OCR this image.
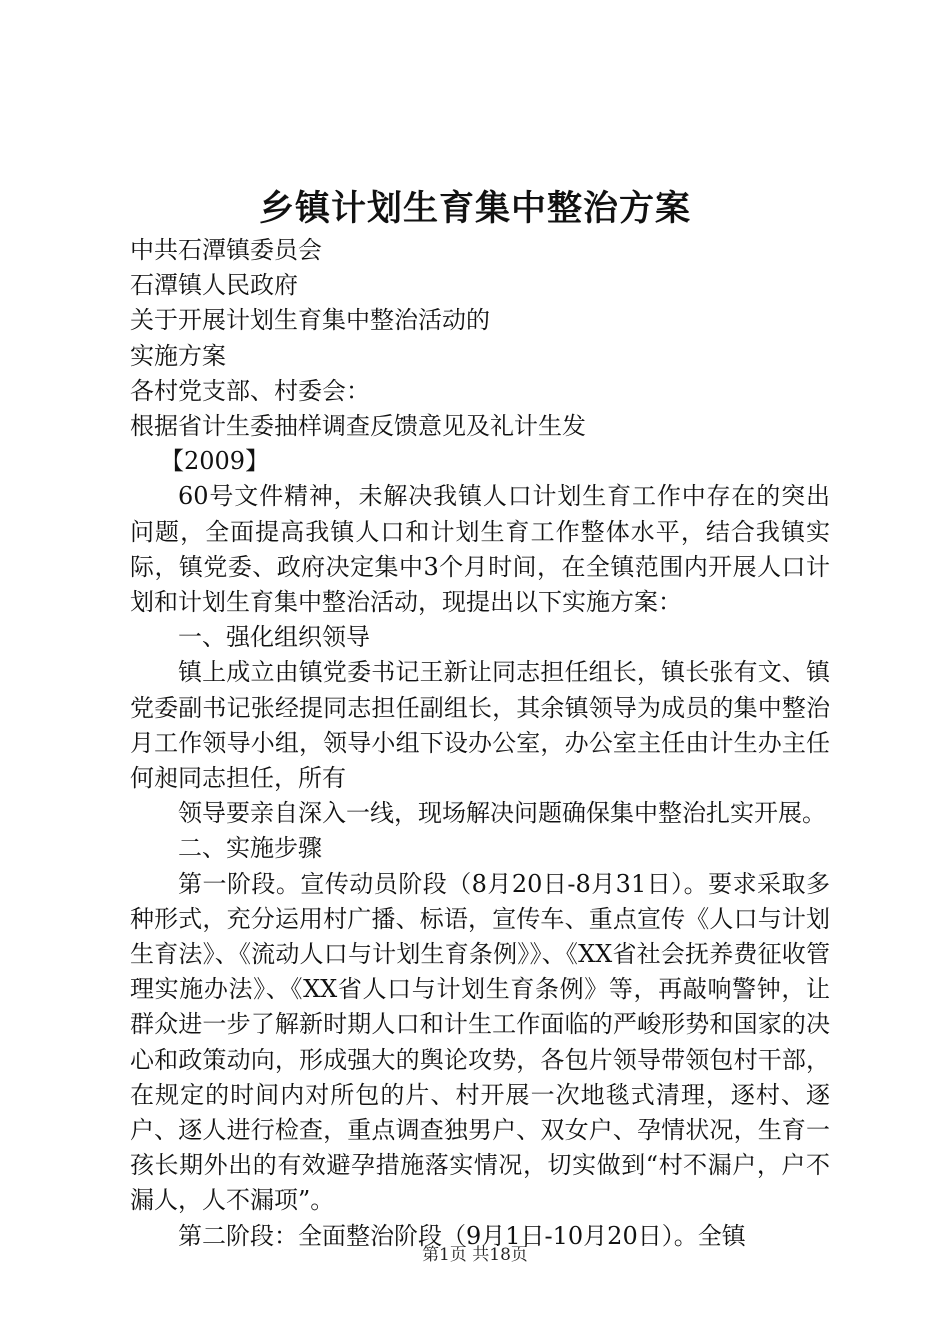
乡镇计划生育集中整治方案

中共石潭镇委员会

石潭镇人民政府

关于开展计划生育集中整治活动的

实施方案

各村党支部、村委会：

根据省计生委抽样调查反馈意见及礼计生发

【2009】

60号文件精神，未解决我镇人口计划生育工作中存在的突出问题，全面提高我镇人口和计划生育工作整体水平，结合我镇实际，镇党委、政府决定集中3个月时间，在全镇范围内开展人口计划和计划生育集中整治活动，现提出以下实施方案：

一、强化组织领导

镇上成立由镇党委书记王新让同志担任组长，镇长张有文、镇党委副书记张经提同志担任副组长，其余镇领导为成员的集中整治月工作领导小组，领导小组下设办公室，办公室主任由计生办主任何昶同志担任，所有

领导要亲自深入一线，现场解决问题确保集中整治扎实开展。

二、实施步骤

第一阶段。宣传动员阶段（8月20日-8月31日）。要求采取多种形式，充分运用村广播、标语，宣传车、重点宣传《人口与计划生育法》、《流动人口与计划生育条例》》、《XX省社会抚养费征收管理实施办法》、《XX省人口与计划生育条例》等，再敲响警钟，让群众进一步了解新时期人口和计生工作面临的严峻形势和国家的决心和政策动向，形成强大的舆论攻势，各包片领导带领包村干部，在规定的时间内对所包的片、村开展一次地毯式清理，逐村、逐户、逐人进行检查，重点调查独男户、双女户、孕情状况，生育一孩长期外出的有效避孕措施落实情况，切实做到“村不漏户，户不漏人，人不漏项”。

第二阶段：全面整治阶段（9月1日-10月20日）。全镇

第1页 共18页
